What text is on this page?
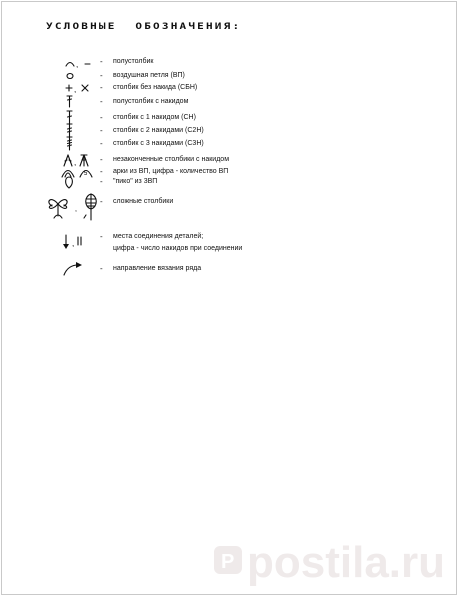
УСЛОВНЫЕ ОБОЗНАЧЕНИЯ:
,	- полустолбик
- воздушная петля (ВП)
,	- столбик без накида (СБН)
- полустолбик с накидом
- столбик с 1 накидом (СН)
- столбик с 2 накидами (С2Н)
- столбик с 3 накидами (С3Н)
,	- незаконченные столбики с накидом
5 - арки из ВП, цифра - количество ВП
- "пико" из 3ВП
,
- сложные столбики
,
- места соединения деталей;
цифра - число накидов при соединении
- направление вязания ряда
P postila.ru
